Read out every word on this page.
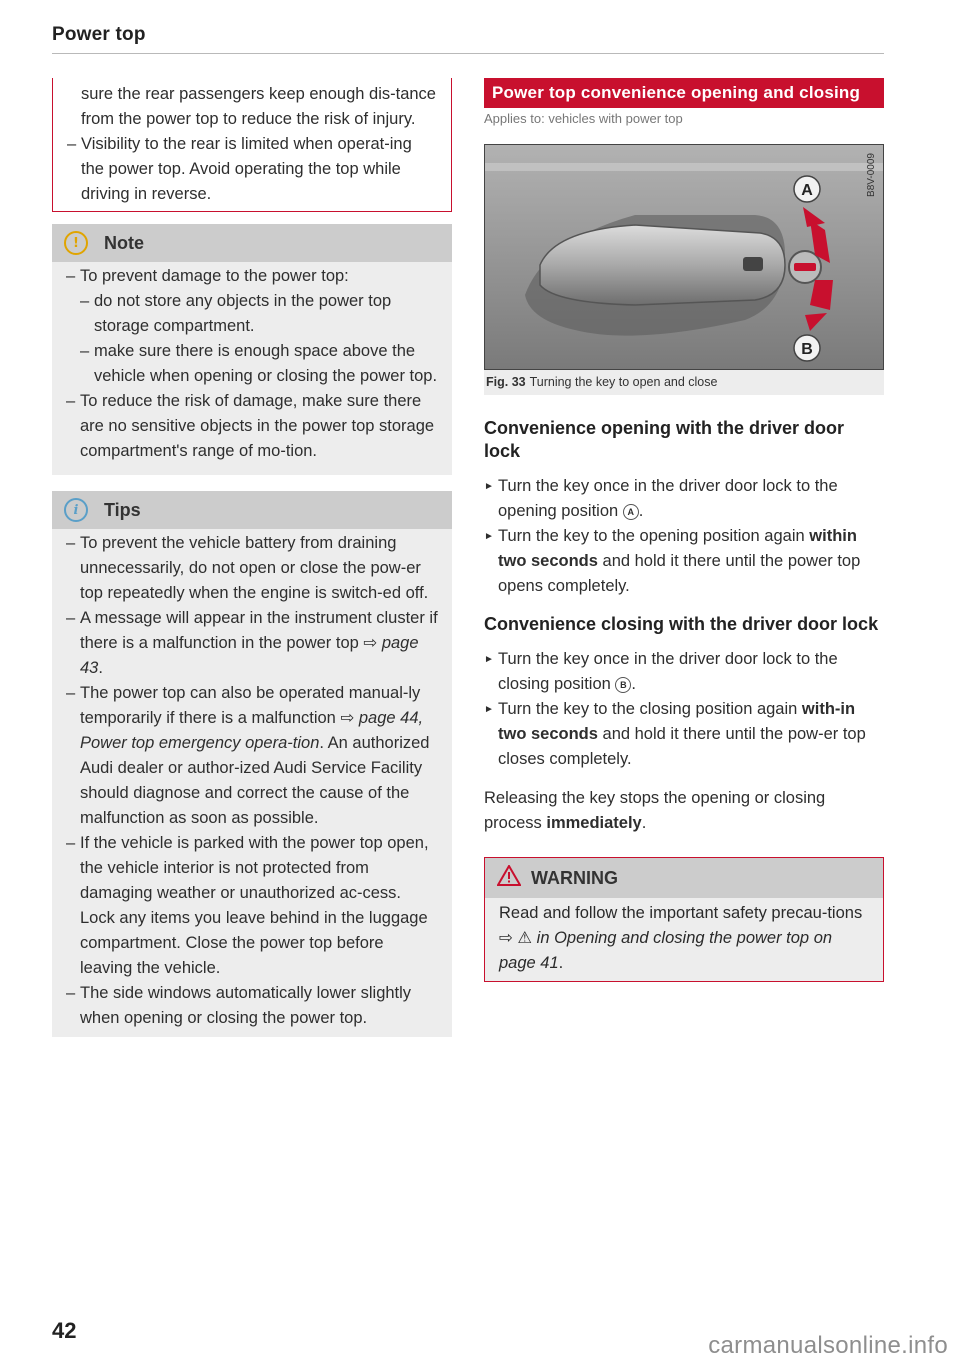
Power top

sure the rear passengers keep enough dis-tance from the power top to reduce the risk of injury.

– Visibility to the rear is limited when operat-ing the power top. Avoid operating the top while driving in reverse.
!	Note
– To prevent damage to the power top:
– do not store any objects in the power top storage compartment.
– make sure there is enough space above the vehicle when opening or closing the power top.
– To reduce the risk of damage, make sure there are no sensitive objects in the power top storage compartment's range of mo-tion.
i	Tips
– To prevent the vehicle battery from draining unnecessarily, do not open or close the pow-er top repeatedly when the engine is switch-ed off.
– A message will appear in the instrument cluster if there is a malfunction in the power top ⇨ page 43.
– The power top can also be operated manual-ly temporarily if there is a malfunction ⇨ page 44, Power top emergency opera-tion. An authorized Audi dealer or author-ized Audi Service Facility should diagnose and correct the cause of the malfunction as soon as possible.
– If the vehicle is parked with the power top open, the vehicle interior is not protected from damaging weather or unauthorized ac-cess. Lock any items you leave behind in the luggage compartment. Close the power top before leaving the vehicle.
– The side windows automatically lower slightly when opening or closing the power top.
Power top convenience opening and closing
Applies to: vehicles with power top
A
B
B8V-0009
Fig. 33 Turning the key to open and close
Convenience opening with the driver door lock
► Turn the key once in the driver door lock to the opening position A .
► Turn the key to the opening position again within two seconds and hold it there until the power top opens completely.
Convenience closing with the driver door lock
► Turn the key once in the driver door lock to the closing position B .
► Turn the key to the closing position again with-in two seconds and hold it there until the pow-er top closes completely.

Releasing the key stops the opening or closing process immediately.

WARNING
Read and follow the important safety precau-tions ⇨ ⚠ in Opening and closing the power top on page 41.
42
carmanualsonline.info
